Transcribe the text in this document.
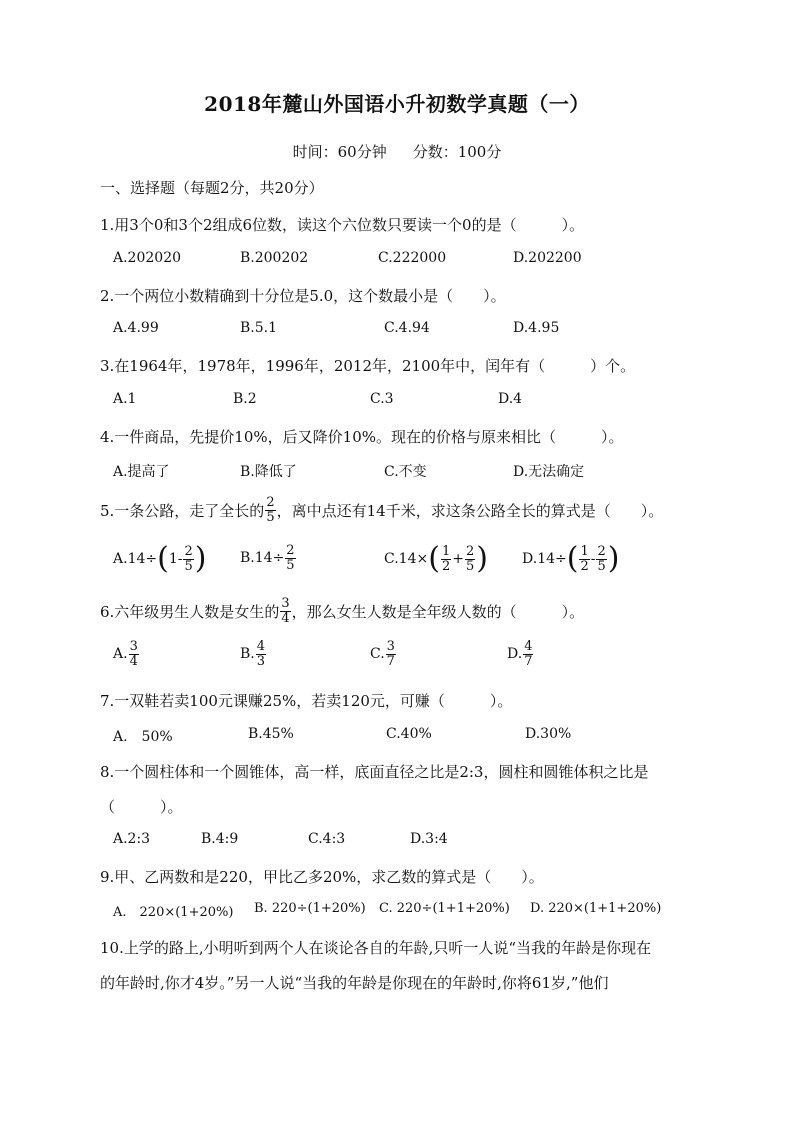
2018年麓山外国语小升初数学真题（一）
时间：60分钟 分数：100分
一、选择题（每题2分，共20分）
1.用3个0和3个2组成6位数，读这个六位数只要读一个0的是（　　　）。
A.202020	B.200202	C.222000	D.202200
2.一个两位小数精确到十分位是5.0，这个数最小是（　　）。
A.4.99	B.5.1	C.4.94	D.4.95
3.在1964年，1978年，1996年，2012年，2100年中，闰年有（　　　）个。
A.1	B.2	C.3	D.4
4.一件商品，先提价10%，后又降价10%。现在的价格与原来相比（　　　）。
A.提高了	B.降低了	C.不变	D.无法确定
5.一条公路，走了全长的 $\frac{2}{5}$ ，离中点还有14千米，求这条公路全长的算式是（　　）。
A. 14÷ ( $1- \frac{2}{5}$ ) B. $14\div \frac{2}{5}$	C. 14× ( $\frac{1}{2} + \frac{2}{5}$ ) D. 14÷ ( $\frac{1}{2} - \frac{2}{5}$ )
6.六年级男生人数是女生的 $\frac{3}{4}$ ，那么女生人数是全年级人数的（　　　）。
A. $\frac{3}{4}$	B. $\frac{4}{3}$	C. $\frac{3}{7}$	D. $\frac{4}{7}$
7.一双鞋若卖100元课赚25%，若卖120元，可赚（　　　）。
A.　50%	B.45%	C.40%	D.30%
8.一个圆柱体和一个圆锥体，高一样，底面直径之比是2:3，圆柱和圆锥体积之比是
（　　　）。
A.2:3	B.4:9	C.4:3	D.3:4
9.甲、乙两数和是220，甲比乙多20%，求乙数的算式是（　　）。
A.　220×(1+20%) B. 220÷(1+20%) C. 220÷(1+1+20%) D. 220×(1+1+20%)
10.上学的路上,小明听到两个人在谈论各自的年龄,只听一人说“当我的年龄是你现在
的年龄时,你才4岁。”另一人说“当我的年龄是你现在的年龄时,你将61岁,”他们
